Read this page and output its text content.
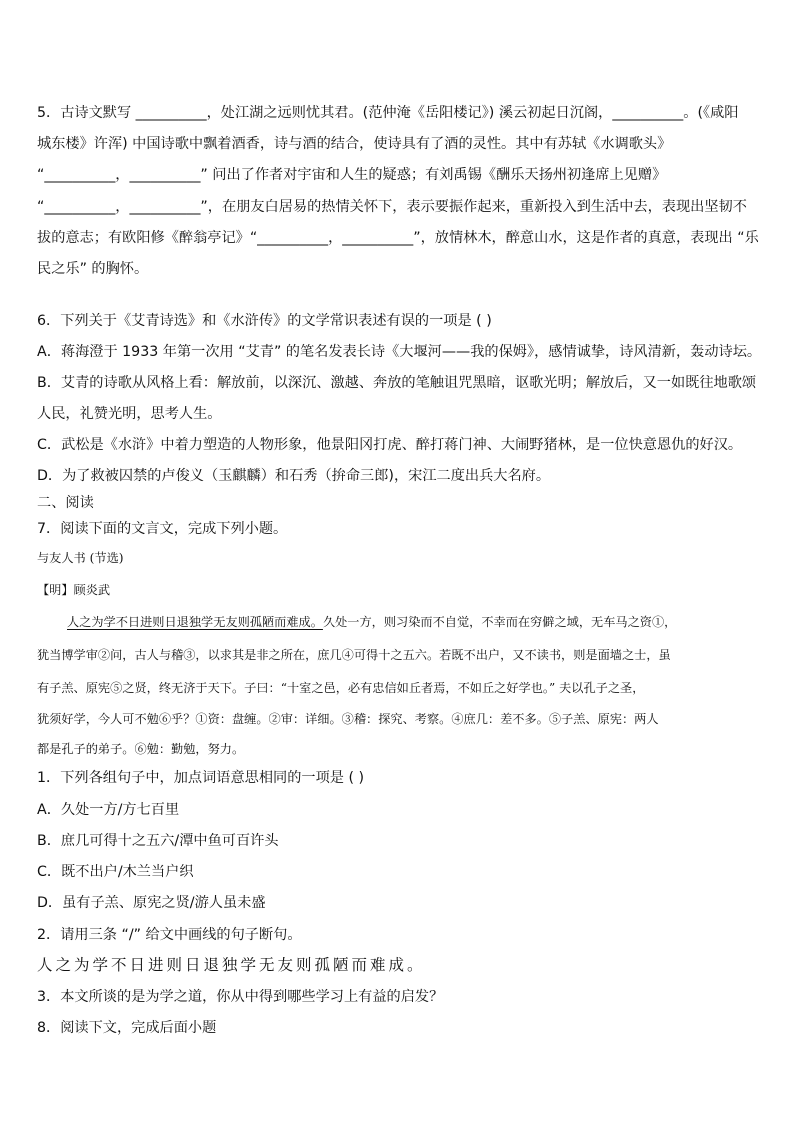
5．古诗文默写 __________，处江湖之远则忧其君。(范仲淹《岳阳楼记》) 溪云初起日沉阁，__________。(《咸阳
城东楼》许浑) 中国诗歌中飘着酒香，诗与酒的结合，使诗具有了酒的灵性。其中有苏轼《水调歌头》
“__________，__________” 问出了作者对宇宙和人生的疑惑；有刘禹锡《酬乐天扬州初逢席上见赠》
“__________，__________”，在朋友白居易的热情关怀下，表示要振作起来，重新投入到生活中去，表现出坚韧不
拔的意志；有欧阳修《醉翁亭记》“__________，__________”，放情林木，醉意山水，这是作者的真意，表现出 “乐
民之乐” 的胸怀。
6．下列关于《艾青诗选》和《水浒传》的文学常识表述有误的一项是 ( )
A．蒋海澄于 1933 年第一次用 “艾青” 的笔名发表长诗《大堰河——我的保姆》，感情诚挚，诗风清新，轰动诗坛。
B．艾青的诗歌从风格上看：解放前，以深沉、激越、奔放的笔触诅咒黑暗，讴歌光明；解放后，又一如既往地歌颂
人民，礼赞光明，思考人生。
C．武松是《水浒》中着力塑造的人物形象，他景阳冈打虎、醉打蒋门神、大闹野猪林，是一位快意恩仇的好汉。
D．为了救被囚禁的卢俊义（玉麒麟）和石秀（拚命三郎)，宋江二度出兵大名府。
二、阅读
7．阅读下面的文言文，完成下列小题。
与友人书 (节选)
【明】顾炎武
人之为学不日进则日退独学无友则孤陋而难成。久处一方，则习染而不自觉，不幸而在穷僻之域，无车马之资①，
犹当博学审②问，古人与稽③，以求其是非之所在，庶几④可得十之五六。若既不出户，又不读书，则是面墙之士，虽
有子羔、原宪⑤之贤，终无济于天下。子曰：“十室之邑，必有忠信如丘者焉，不如丘之好学也。” 夫以孔子之圣，
犹须好学，今人可不勉⑥乎？①资：盘缠。②审：详细。③稽：探究、考察。④庶几：差不多。⑤子羔、原宪：两人
都是孔子的弟子。⑥勉：勤勉，努力。
1．下列各组句子中，加点词语意思相同的一项是 ( )
A．久处一方/方七百里
B．庶几可得十之五六/潭中鱼可百许头
C．既不出户/木兰当户织
D．虽有子羔、原宪之贤/游人虽未盛
2．请用三条 “/” 给文中画线的句子断句。
人之为学不日进则日退独学无友则孤陋而难成。
3．本文所谈的是为学之道，你从中得到哪些学习上有益的启发？
8．阅读下文，完成后面小题
